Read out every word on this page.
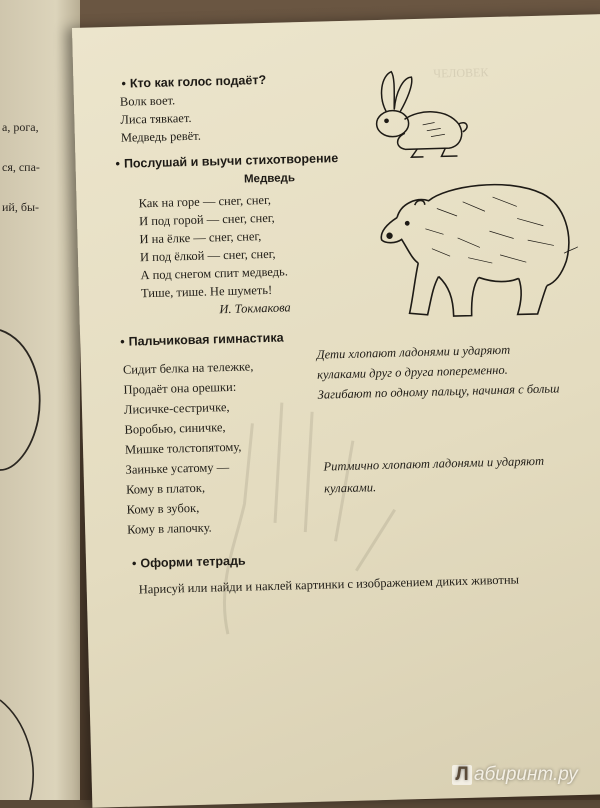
а, рога,
ся, спа-
ий, бы-
ЧЕЛОВЕК
• Кто как голос подаёт?
Волк воет.
Лиса тявкает.
Медведь ревёт.
• Послушай и выучи стихотворение
Медведь
Как на горе — снег, снег,
И под горой — снег, снег,
И на ёлке — снег, снег,
И под ёлкой — снег, снег,
А под снегом спит медведь.
Тише, тише. Не шуметь!
И. Токмакова
• Пальчиковая гимнастика
Сидит белка на тележке,
Продаёт она орешки:
Лисичке-сестричке,
Воробью, синичке,
Мишке толстопятому,
Заиньке усатому —
Кому в платок,
Кому в зубок,
Кому в лапочку.
Дети хлопают ладонями и ударяют
кулаками друг о друга попеременно.
Загибают по одному пальцу, начиная с больш
Ритмично хлопают ладонями и ударяют
кулаками.
• Оформи тетрадь
Нарисуй или найди и наклей картинки с изображением диких животны
Л абиринт.ру
